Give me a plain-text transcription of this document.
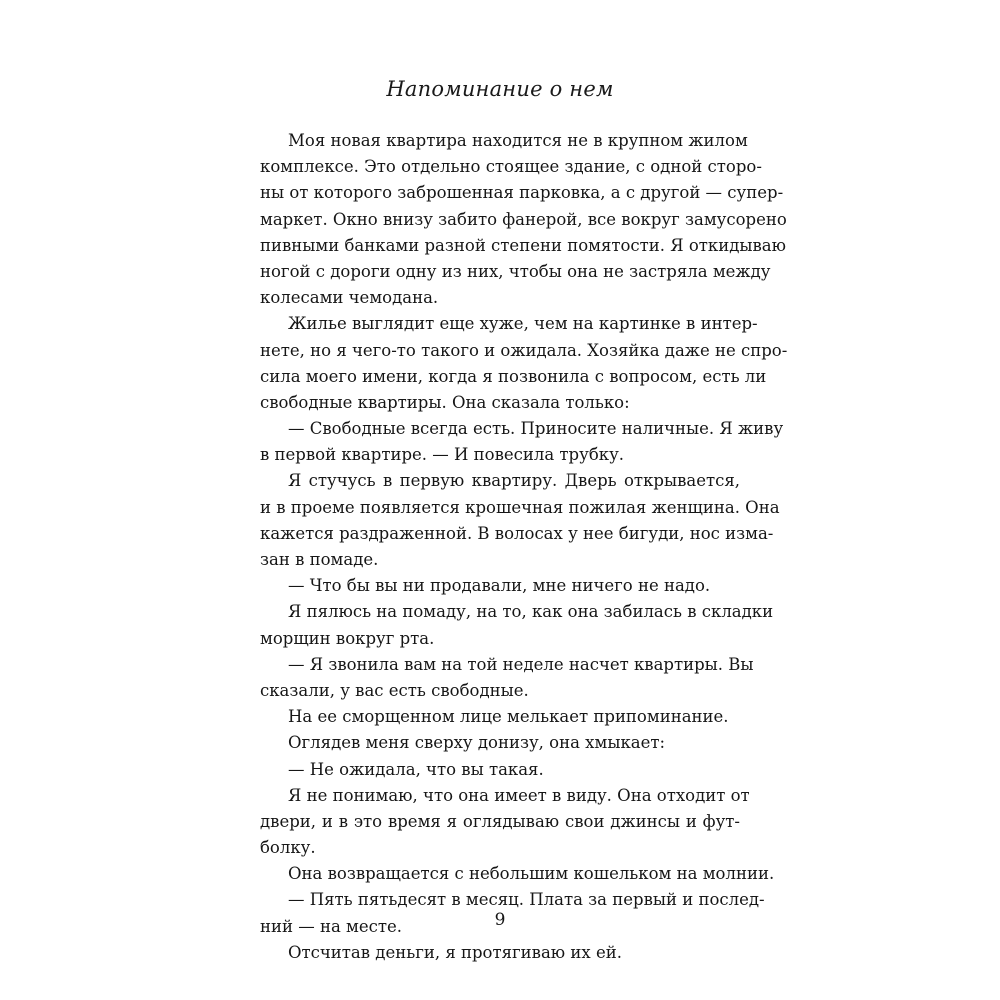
Напоминание о нем
Моя новая квартира находится не в крупном жилом
комплексе. Это отдельно стоящее здание, с одной сторо-
ны от которого заброшенная парковка, а с другой — супер-
маркет. Окно внизу забито фанерой, все вокруг замусорено
пивными банками разной степени помятости. Я откидываю
ногой с дороги одну из них, чтобы она не застряла между
колесами чемодана.
Жилье выглядит еще хуже, чем на картинке в интер-
нете, но я чего-то такого и ожидала. Хозяйка даже не спро-
сила моего имени, когда я позвонила с вопросом, есть ли
свободные квартиры. Она сказала только:
— Свободные всегда есть. Приносите наличные. Я живу
в первой квартире. — И повесила трубку.
Я стучусь в первую квартиру. Дверь открывается,
и в проеме появляется крошечная пожилая женщина. Она
кажется раздраженной. В волосах у нее бигуди, нос изма-
зан в помаде.
— Что бы вы ни продавали, мне ничего не надо.
Я пялюсь на помаду, на то, как она забилась в складки
морщин вокруг рта.
— Я звонила вам на той неделе насчет квартиры. Вы
сказали, у вас есть свободные.
На ее сморщенном лице мелькает припоминание.
Оглядев меня сверху донизу, она хмыкает:
— Не ожидала, что вы такая.
Я не понимаю, что она имеет в виду. Она отходит от
двери, и в это время я оглядываю свои джинсы и фут-
болку.
Она возвращается с небольшим кошельком на молнии.
— Пять пятьдесят в месяц. Плата за первый и послед-
ний — на месте.
Отсчитав деньги, я протягиваю их ей.
9
